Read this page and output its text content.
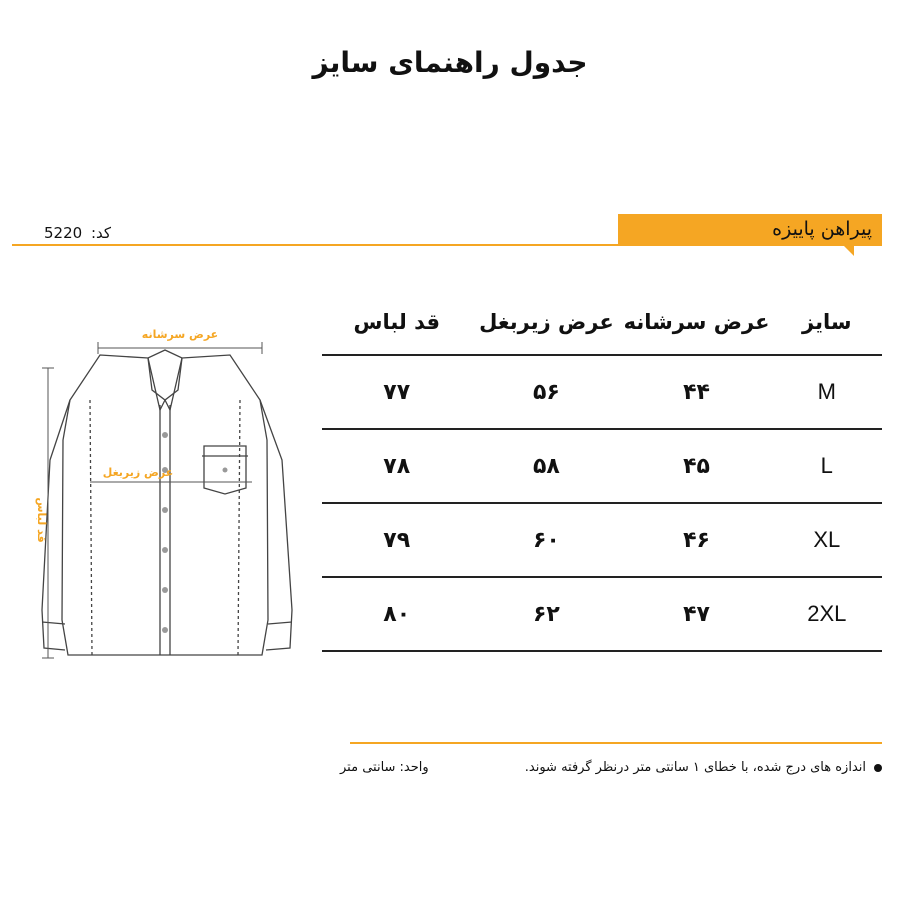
جدول راهنمای سایز
پیراهن پاییزه
کد: 5220
عرض سرشانه
عرض زیربغل
قد لباس
سایز	عرض سرشانه	عرض زیربغل	قد لباس
M	۴۴	۵۶	۷۷
L	۴۵	۵۸	۷۸
XL	۴۶	۶۰	۷۹
2XL	۴۷	۶۲	۸۰
اندازه های درج شده، با خطای ۱ سانتی متر درنظر گرفته شوند.
واحد: سانتی متر
